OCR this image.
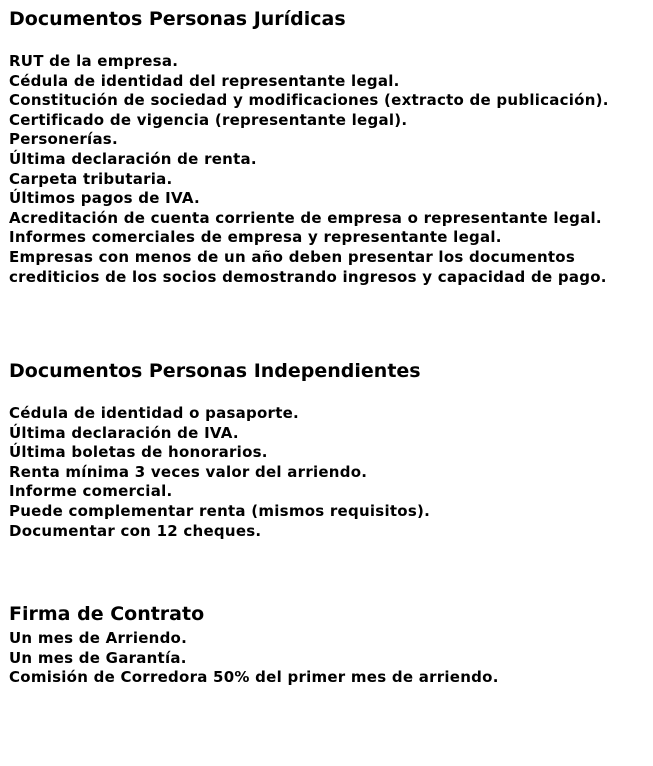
Documentos Personas Jurídicas
RUT de la empresa.
Cédula de identidad del representante legal.
Constitución de sociedad y modificaciones (extracto de publicación).
Certificado de vigencia (representante legal).
Personerías.
Última declaración de renta.
Carpeta tributaria.
Últimos pagos de IVA.
Acreditación de cuenta corriente de empresa o representante legal.
Informes comerciales de empresa y representante legal.
Empresas con menos de un año deben presentar los documentos crediticios de los socios demostrando ingresos y capacidad de pago.
Documentos Personas Independientes
Cédula de identidad o pasaporte.
Última declaración de IVA.
Última boletas de honorarios.
Renta mínima 3 veces valor del arriendo.
Informe comercial.
Puede complementar renta (mismos requisitos).
Documentar con 12 cheques.
Firma de Contrato
Un mes de Arriendo.
Un mes de Garantía.
Comisión de Corredora 50% del primer mes de arriendo.
